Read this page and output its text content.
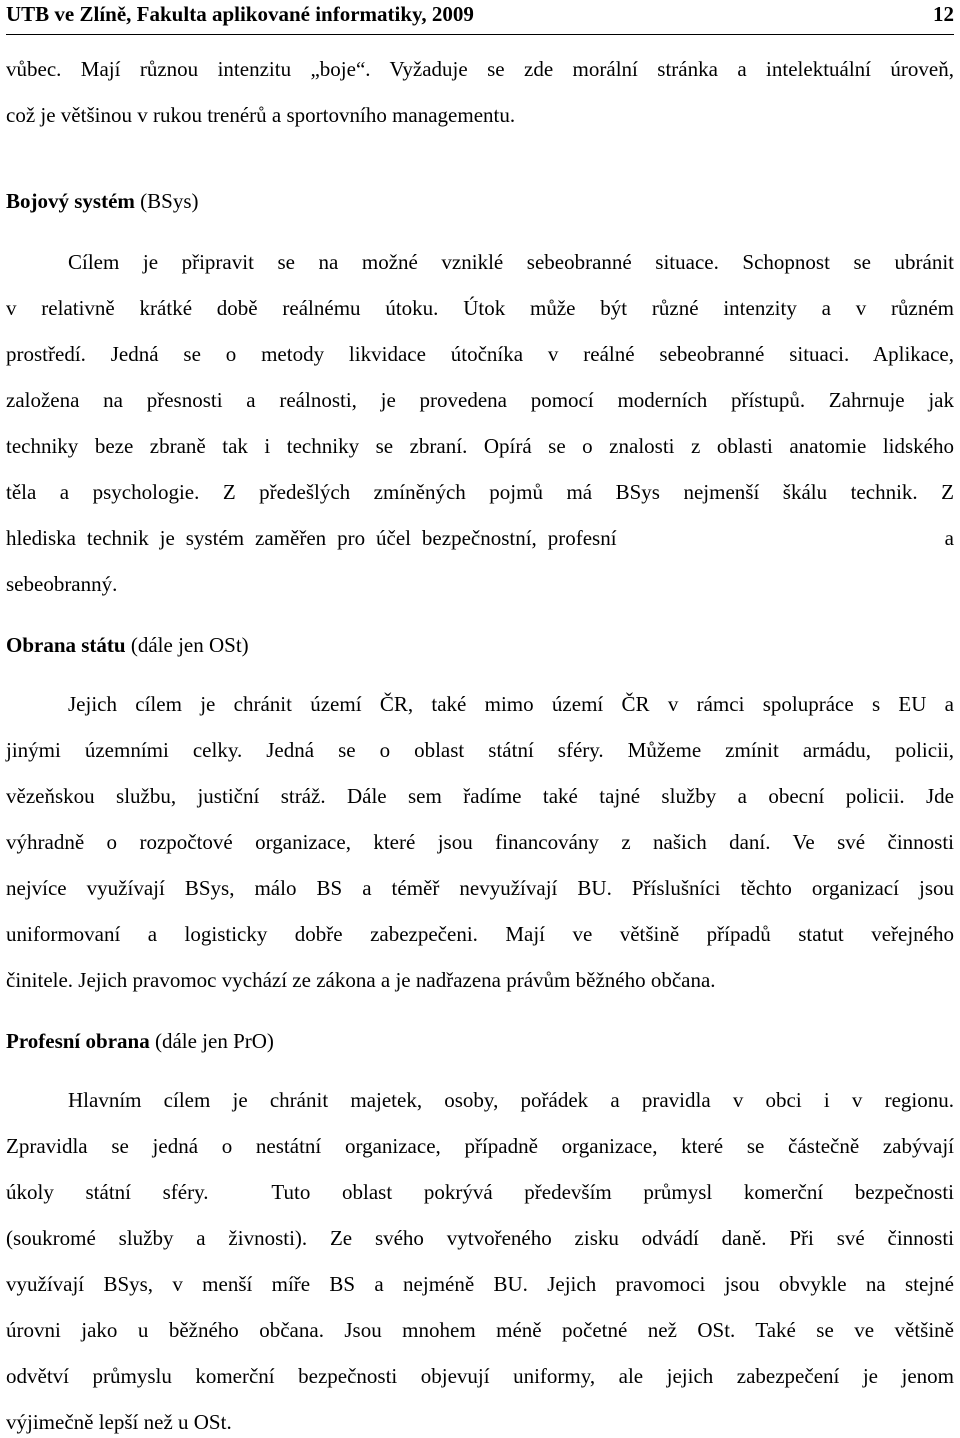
UTB ve Zlíně, Fakulta aplikované informatiky, 2009	12
vůbec. Mají různou intenzitu „boje“. Vyžaduje se zde morální stránka a intelektuální úroveň,
což je většinou v rukou trenérů a sportovního managementu.
Bojový systém (BSys)
Cílem je připravit se na možné vzniklé sebeobranné situace. Schopnost se ubránit
v relativně krátké době reálnému útoku. Útok může být různé intenzity a v různém
prostředí. Jedná se o metody likvidace útočníka v reálné sebeobranné situaci. Aplikace,
založena na přesnosti a reálnosti, je provedena pomocí moderních přístupů. Zahrnuje jak
techniky beze zbraně tak i techniky se zbraní. Opírá se o znalosti z oblasti anatomie lidského
těla a psychologie. Z předešlých zmíněných pojmů má BSys nejmenší škálu technik. Z
hlediska technik je systém zaměřen pro účel bezpečnostní, profesní                              a
sebeobranný.
Obrana státu (dále jen OSt)
Jejich cílem je chránit území ČR, také mimo území ČR v rámci spolupráce s EU a
jinými územními celky. Jedná se o oblast státní sféry. Můžeme zmínit armádu, policii,
vězeňskou službu, justiční stráž. Dále sem řadíme také tajné služby a obecní policii. Jde
výhradně o rozpočtové organizace, které jsou financovány z našich daní. Ve své činnosti
nejvíce využívají BSys, málo BS a téměř nevyužívají BU. Příslušníci těchto organizací jsou
uniformovaní a logisticky dobře zabezpečeni. Mají ve většině případů statut veřejného
činitele. Jejich pravomoc vychází ze zákona a je nadřazena právům běžného občana.
Profesní obrana (dále jen PrO)
Hlavním cílem je chránit majetek, osoby, pořádek a pravidla v obci i v regionu.
Zpravidla se jedná o nestátní organizace, případně organizace, které se částečně zabývají
úkoly státní sféry.  Tuto oblast pokrývá především průmysl komerční bezpečnosti
(soukromé služby a živnosti). Ze svého vytvořeného zisku odvádí daně. Při své činnosti
využívají BSys, v menší míře BS a nejméně BU. Jejich pravomoci jsou obvykle na stejné
úrovni jako u běžného občana. Jsou mnohem méně početné než OSt. Také se ve většině
odvětví průmyslu komerční bezpečnosti objevují uniformy, ale jejich zabezpečení je jenom
výjimečně lepší než u OSt.
